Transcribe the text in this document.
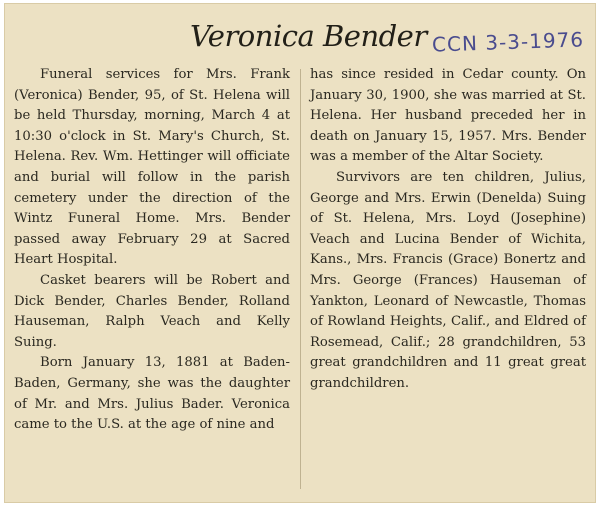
Veronica Bender CCN 3-3-1976

Funeral services for Mrs. Frank (Veronica) Bender, 95, of St. Helena will be held Thursday, morning, March 4 at 10:30 o'clock in St. Mary's Church, St. Helena. Rev. Wm. Hettinger will officiate and burial will follow in the parish cemetery under the direction of the Wintz Funeral Home. Mrs. Bender passed away February 29 at Sacred Heart Hospital.

Casket bearers will be Robert and Dick Bender, Charles Bender, Rolland Hauseman, Ralph Veach and Kelly Suing.

Born January 13, 1881 at Baden-Baden, Germany, she was the daughter of Mr. and Mrs. Julius Bader. Veronica came to the U.S. at the age of nine and

has since resided in Cedar county. On January 30, 1900, she was married at St. Helena. Her husband preceded her in death on January 15, 1957. Mrs. Bender was a member of the Altar Society.

Survivors are ten children, Julius, George and Mrs. Erwin (Denelda) Suing of St. Helena, Mrs. Loyd (Josephine) Veach and Lucina Bender of Wichita, Kans., Mrs. Francis (Grace) Bonertz and Mrs. George (Frances) Hauseman of Yankton, Leonard of Newcastle, Thomas of Rowland Heights, Calif., and Eldred of Rosemead, Calif.; 28 grandchildren, 53 great grandchildren and 11 great great grandchildren.
